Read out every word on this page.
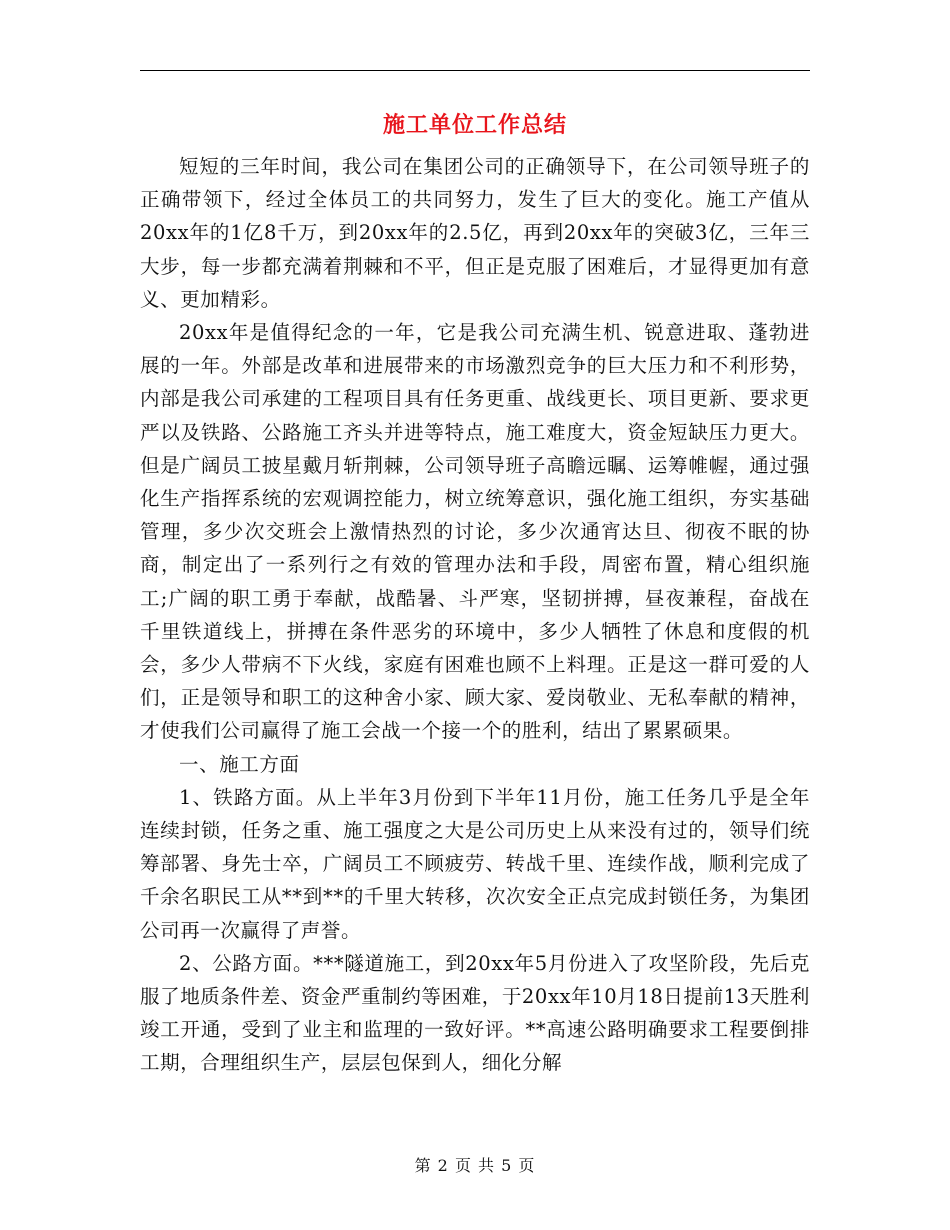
施工单位工作总结

短短的三年时间，我公司在集团公司的正确领导下，在公司领导班子的正确带领下，经过全体员工的共同努力，发生了巨大的变化。施工产值从20xx年的1亿8千万，到20xx年的2.5亿，再到20xx年的突破3亿，三年三大步，每一步都充满着荆棘和不平，但正是克服了困难后，才显得更加有意义、更加精彩。

20xx年是值得纪念的一年，它是我公司充满生机、锐意进取、蓬勃进展的一年。外部是改革和进展带来的市场激烈竞争的巨大压力和不利形势，内部是我公司承建的工程项目具有任务更重、战线更长、项目更新、要求更严以及铁路、公路施工齐头并进等特点，施工难度大，资金短缺压力更大。但是广阔员工披星戴月斩荆棘，公司领导班子高瞻远瞩、运筹帷幄，通过强化生产指挥系统的宏观调控能力，树立统筹意识，强化施工组织，夯实基础管理，多少次交班会上激情热烈的讨论，多少次通宵达旦、彻夜不眠的协商，制定出了一系列行之有效的管理办法和手段，周密布置，精心组织施工;广阔的职工勇于奉献，战酷暑、斗严寒，坚韧拼搏，昼夜兼程，奋战在千里铁道线上，拼搏在条件恶劣的环境中，多少人牺牲了休息和度假的机会，多少人带病不下火线，家庭有困难也顾不上料理。正是这一群可爱的人们，正是领导和职工的这种舍小家、顾大家、爱岗敬业、无私奉献的精神，才使我们公司赢得了施工会战一个接一个的胜利，结出了累累硕果。

一、施工方面

1、铁路方面。从上半年3月份到下半年11月份，施工任务几乎是全年连续封锁，任务之重、施工强度之大是公司历史上从来没有过的，领导们统筹部署、身先士卒，广阔员工不顾疲劳、转战千里、连续作战，顺利完成了千余名职民工从**到**的千里大转移，次次安全正点完成封锁任务，为集团公司再一次赢得了声誉。

2、公路方面。***隧道施工，到20xx年5月份进入了攻坚阶段，先后克服了地质条件差、资金严重制约等困难，于20xx年10月18日提前13天胜利竣工开通，受到了业主和监理的一致好评。**高速公路明确要求工程要倒排工期，合理组织生产，层层包保到人，细化分解

第 2 页 共 5 页
